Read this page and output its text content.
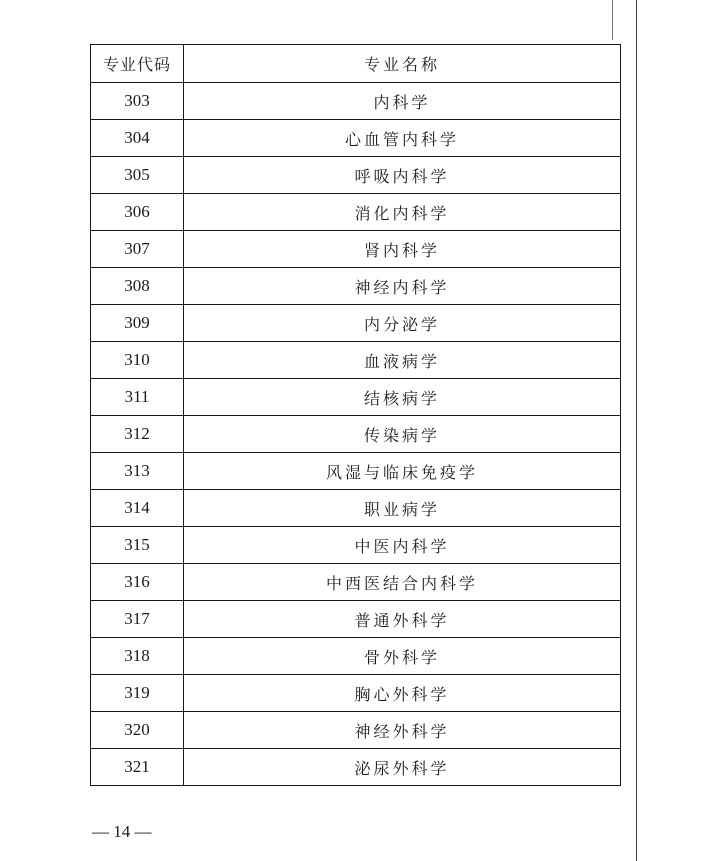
专业代码	专业名称
303	内科学
304	心血管内科学
305	呼吸内科学
306	消化内科学
307	肾内科学
308	神经内科学
309	内分泌学
310	血液病学
311	结核病学
312	传染病学
313	风湿与临床免疫学
314	职业病学
315	中医内科学
316	中西医结合内科学
317	普通外科学
318	骨外科学
319	胸心外科学
320	神经外科学
321	泌尿外科学
— 14 —
